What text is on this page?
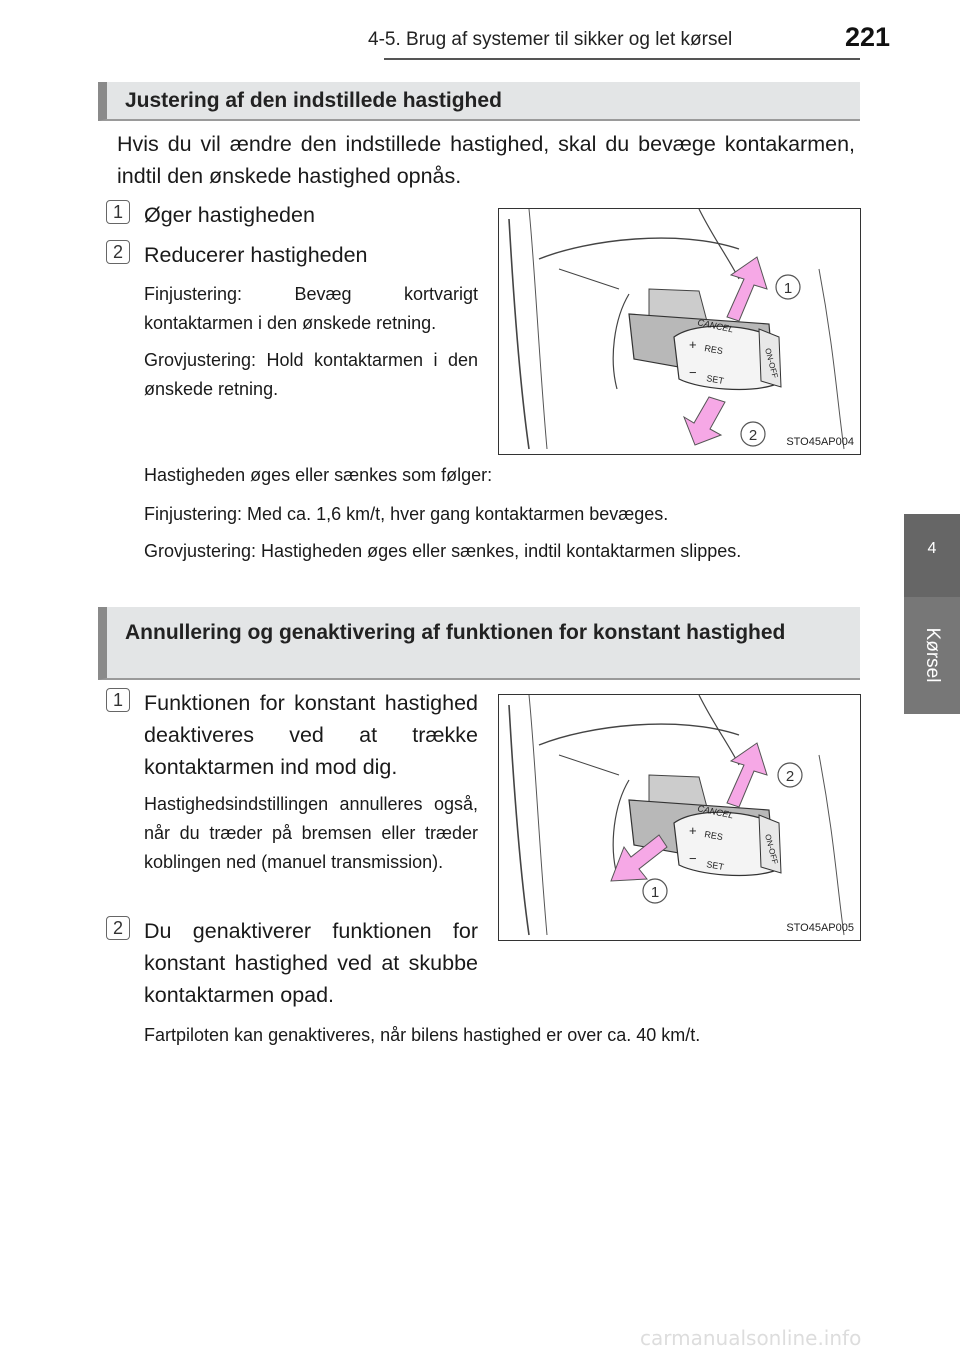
4-5. Brug af systemer til sikker og let kørsel	221
4
Kørsel
Justering af den indstillede hastighed

Hvis du vil ændre den indstillede hastighed, skal du bevæge kontakarmen, indtil den ønskede hastighed opnås.

1 Øger hastigheden

2 Reducerer hastigheden

Finjustering: Bevæg kortvarigt kontaktarmen i den ønskede retning.

Grovjustering: Hold kontaktarmen i den ønskede retning.

CANCEL
+ RES
− SET
ON-OFF
1
2	STO45AP004

Hastigheden øges eller sænkes som følger:

Finjustering: Med ca. 1,6 km/t, hver gang kontaktarmen bevæges.

Grovjustering: Hastigheden øges eller sænkes, indtil kontaktarmen slippes.

Annullering og genaktivering af funktionen for konstant hastighed
1 Funktionen for konstant hastighed deaktiveres ved at trække kontaktarmen ind mod dig.

Hastighedsindstillingen annulleres også, når du træder på bremsen eller træder koblingen ned (manuel transmission).

2 Du genaktiverer funktionen for konstant hastighed ved at skubbe kontaktarmen opad.

CANCEL
+ RES
− SET
ON-OFF
2
1
STO45AP005

Fartpiloten kan genaktiveres, når bilens hastighed er over ca. 40 km/t.

carmanualsonline.info
